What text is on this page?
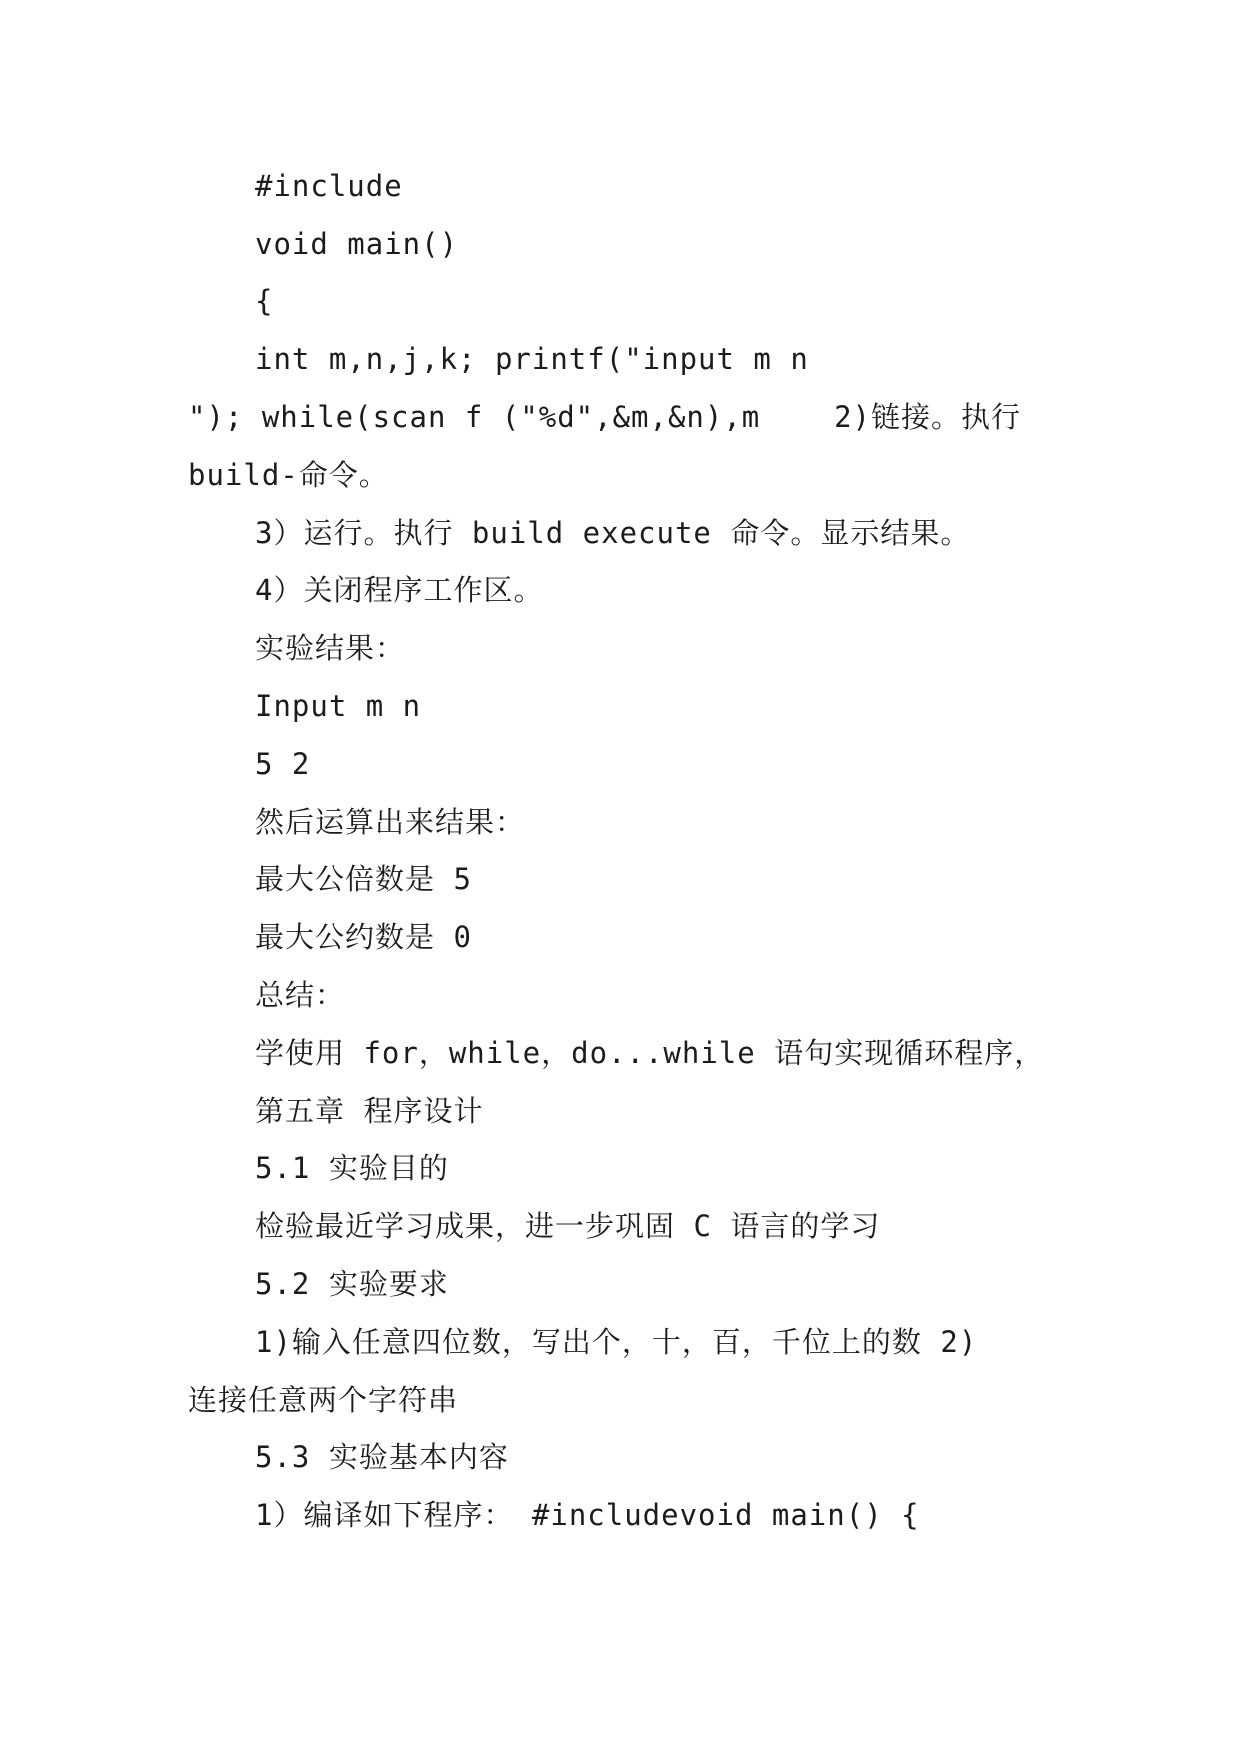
#include
void main()
{
int m,n,j,k; printf("input m n
"); while(scan f ("%d",&m,&n),m    2)链接。执行
build-命令。
3）运行。执行 build execute 命令。显示结果。
4）关闭程序工作区。
实验结果：
Input m n
5 2
然后运算出来结果：
最大公倍数是 5
最大公约数是 0
总结：
学使用 for，while，do...while 语句实现循环程序，
第五章 程序设计
5.1 实验目的
检验最近学习成果，进一步巩固 C 语言的学习
5.2 实验要求
1)输入任意四位数，写出个，十，百，千位上的数 2)
连接任意两个字符串
5.3 实验基本内容
1）编译如下程序： #includevoid main() {
